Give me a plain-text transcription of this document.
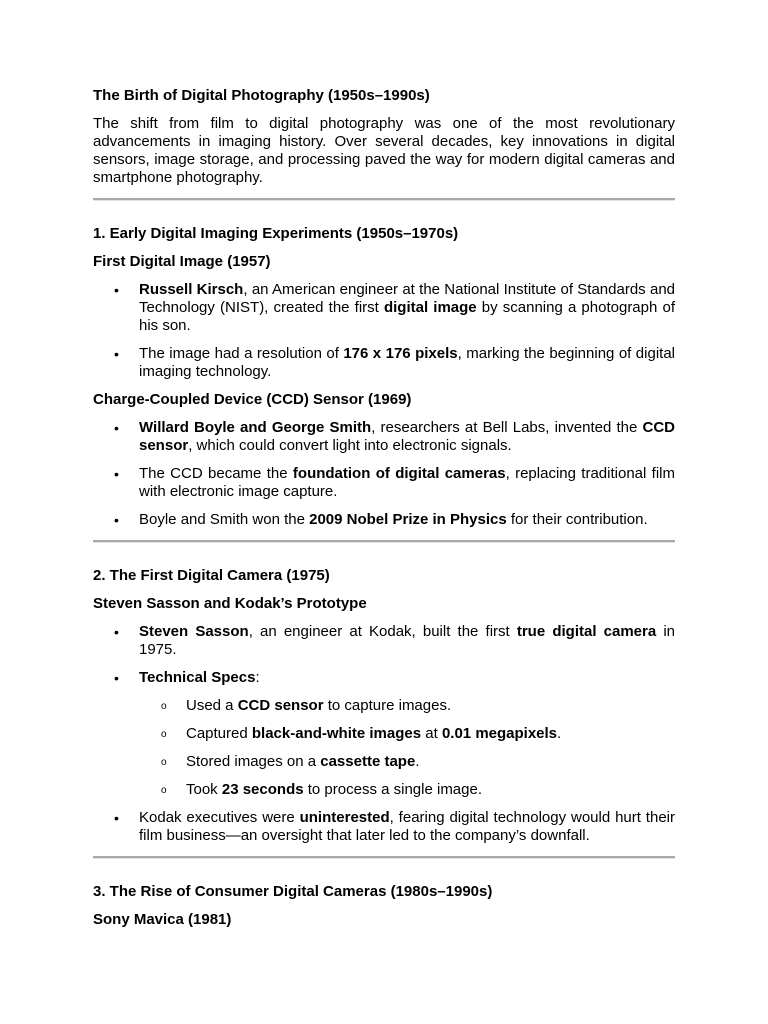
The Birth of Digital Photography (1950s–1990s)

The shift from film to digital photography was one of the most revolutionary advancements in imaging history. Over several decades, key innovations in digital sensors, image storage, and processing paved the way for modern digital cameras and smartphone photography.

1. Early Digital Imaging Experiments (1950s–1970s)
First Digital Image (1957)
• Russell Kirsch, an American engineer at the National Institute of Standards and Technology (NIST), created the first digital image by scanning a photograph of his son.
• The image had a resolution of 176 x 176 pixels, marking the beginning of digital imaging technology.
Charge-Coupled Device (CCD) Sensor (1969)
• Willard Boyle and George Smith, researchers at Bell Labs, invented the CCD sensor, which could convert light into electronic signals.
• The CCD became the foundation of digital cameras, replacing traditional film with electronic image capture.
• Boyle and Smith won the 2009 Nobel Prize in Physics for their contribution.
2. The First Digital Camera (1975)
Steven Sasson and Kodak’s Prototype
• Steven Sasson, an engineer at Kodak, built the first true digital camera in 1975.
• Technical Specs:
o Used a CCD sensor to capture images.
o Captured black-and-white images at 0.01 megapixels.
o Stored images on a cassette tape.
o Took 23 seconds to process a single image.
• Kodak executives were uninterested, fearing digital technology would hurt their film business—an oversight that later led to the company’s downfall.
3. The Rise of Consumer Digital Cameras (1980s–1990s)
Sony Mavica (1981)
